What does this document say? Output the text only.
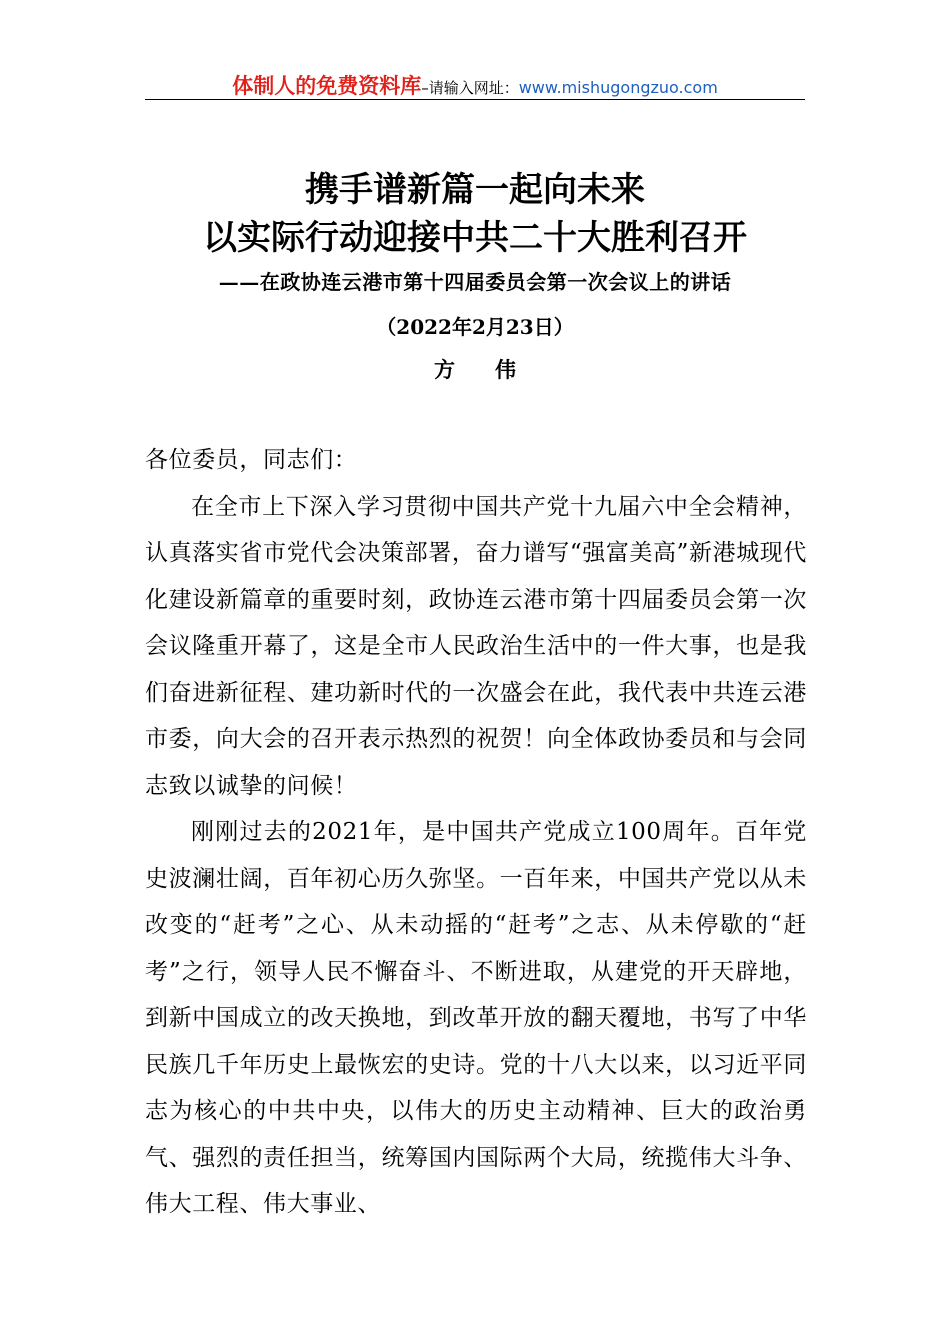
体制人的免费资料库–请输入网址：www.mishugongzuo.com
携手谱新篇一起向未来
以实际行动迎接中共二十大胜利召开
——在政协连云港市第十四届委员会第一次会议上的讲话
（2022年2月23日）
方伟

各位委员，同志们：

在全市上下深入学习贯彻中国共产党十九届六中全会精神，认真落实省市党代会决策部署，奋力谱写“强富美高”新港城现代化建设新篇章的重要时刻，政协连云港市第十四届委员会第一次会议隆重开幕了，这是全市人民政治生活中的一件大事，也是我们奋进新征程、建功新时代的一次盛会在此，我代表中共连云港市委，向大会的召开表示热烈的祝贺！向全体政协委员和与会同志致以诚挚的问候！

刚刚过去的2021年，是中国共产党成立100周年。百年党史波澜壮阔，百年初心历久弥坚。一百年来，中国共产党以从未改变的“赶考”之心、从未动摇的“赶考”之志、从未停歇的“赶考”之行，领导人民不懈奋斗、不断进取，从建党的开天辟地，到新中国成立的改天换地，到改革开放的翻天覆地，书写了中华民族几千年历史上最恢宏的史诗。党的十八大以来，以习近平同志为核心的中共中央，以伟大的历史主动精神、巨大的政治勇气、强烈的责任担当，统筹国内国际两个大局，统揽伟大斗争、伟大工程、伟大事业、
